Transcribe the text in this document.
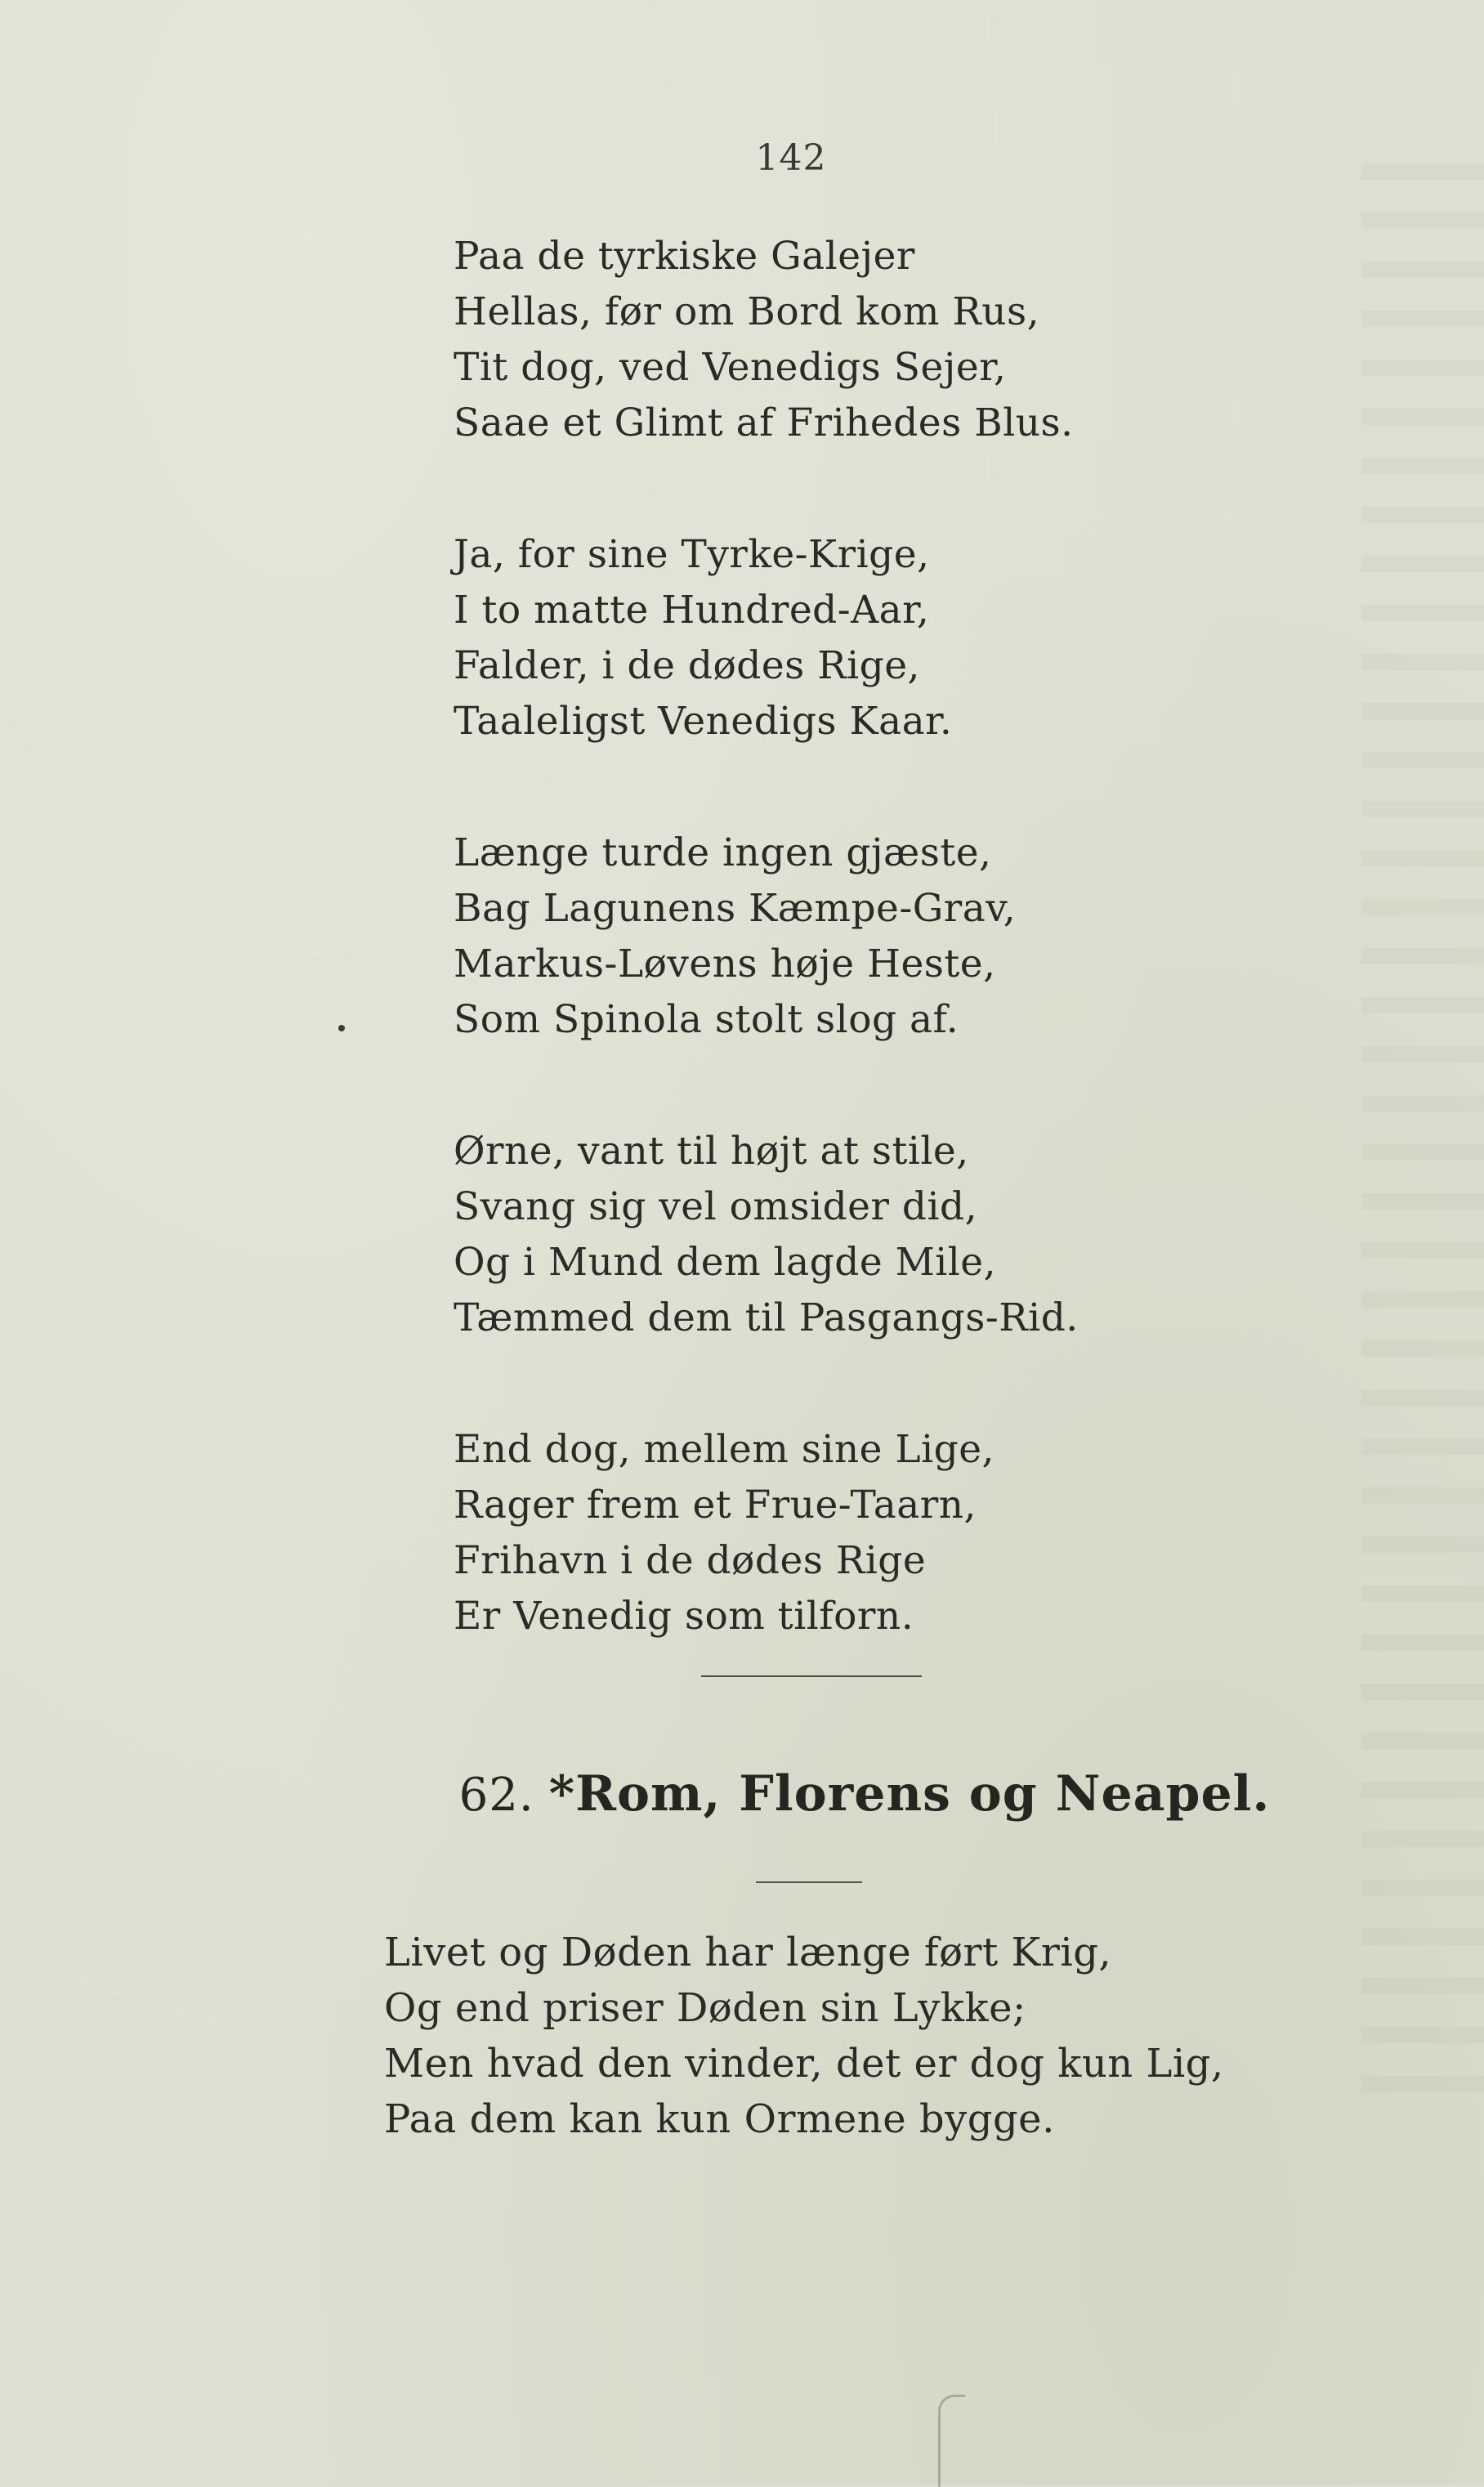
142
Paa de tyrkiske Galejer
Hellas, før om Bord kom Rus,
Tit dog, ved Venedigs Sejer,
Saae et Glimt af Frihedes Blus.
Ja, for sine Tyrke-Krige,
I to matte Hundred-Aar,
Falder, i de dødes Rige,
Taaleligst Venedigs Kaar.
Længe turde ingen gjæste,
Bag Lagunens Kæmpe-Grav,
Markus-Løvens høje Heste,
Som Spinola stolt slog af.
Ørne, vant til højt at stile,
Svang sig vel omsider did,
Og i Mund dem lagde Mile,
Tæmmed dem til Pasgangs-Rid.
End dog, mellem sine Lige,
Rager frem et Frue-Taarn,
Frihavn i de dødes Rige
Er Venedig som tilforn.
62. *Rom, Florens og Neapel.
Livet og Døden har længe ført Krig,
Og end priser Døden sin Lykke;
Men hvad den vinder, det er dog kun Lig,
Paa dem kan kun Ormene bygge.
